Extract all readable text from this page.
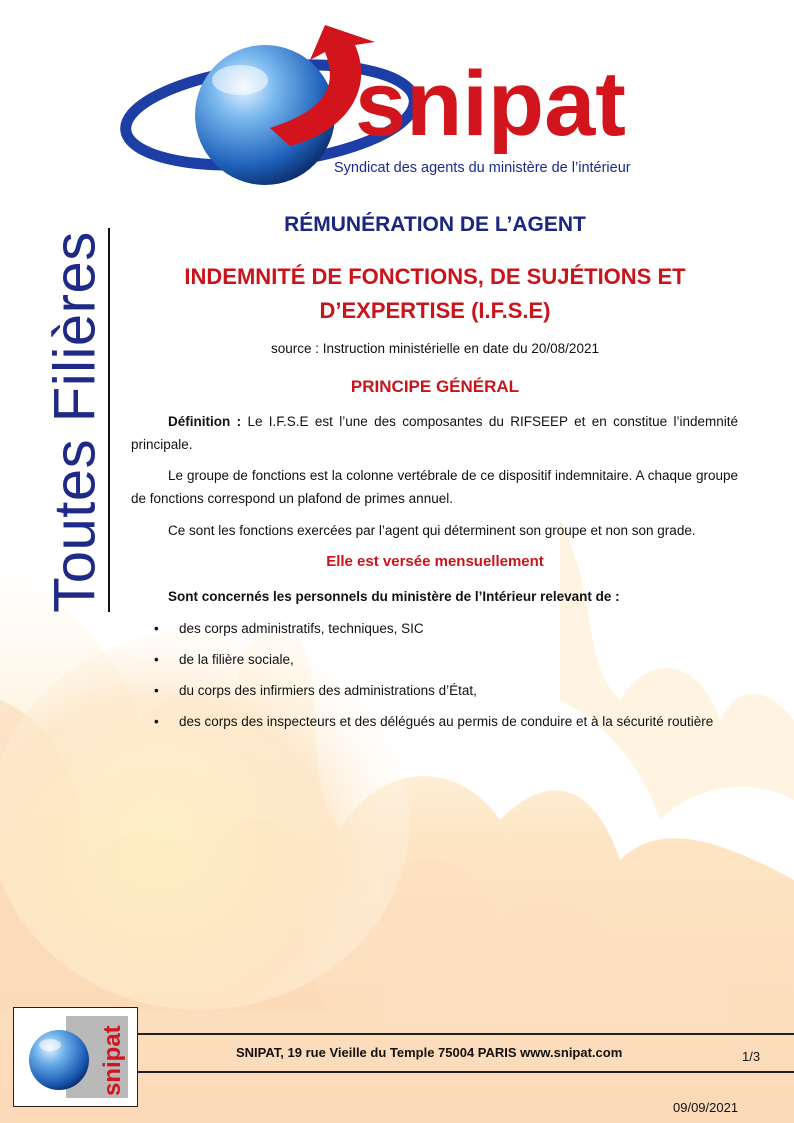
snipat
Syndicat des agents du ministère de l’intérieur
Toutes Filières
RÉMUNÉRATION DE L’AGENT
INDEMNITÉ DE FONCTIONS, DE SUJÉTIONS ET
D’EXPERTISE (I.F.S.E)
source : Instruction ministérielle en date du 20/08/2021
PRINCIPE GÉNÉRAL
Définition : Le I.F.S.E est l’une des composantes du RIFSEEP et en constitue l’indemnité principale.
Le groupe de fonctions est la colonne vertébrale de ce dispositif indemnitaire. A chaque groupe de fonctions correspond un plafond de primes annuel.
Ce sont les fonctions exercées par l’agent qui déterminent son groupe et non son grade.
Elle est versée mensuellement
Sont concernés les personnels du ministère de l’Intérieur relevant de :
• des corps administratifs, techniques, SIC
• de la filière sociale,
• du corps des infirmiers des administrations d’État,
• des corps des inspecteurs et des délégués au permis de conduire et à la sécurité routière
snipat	SNIPAT, 19 rue Vieille du Temple 75004 PARIS www.snipat.com	1/3
09/09/2021
